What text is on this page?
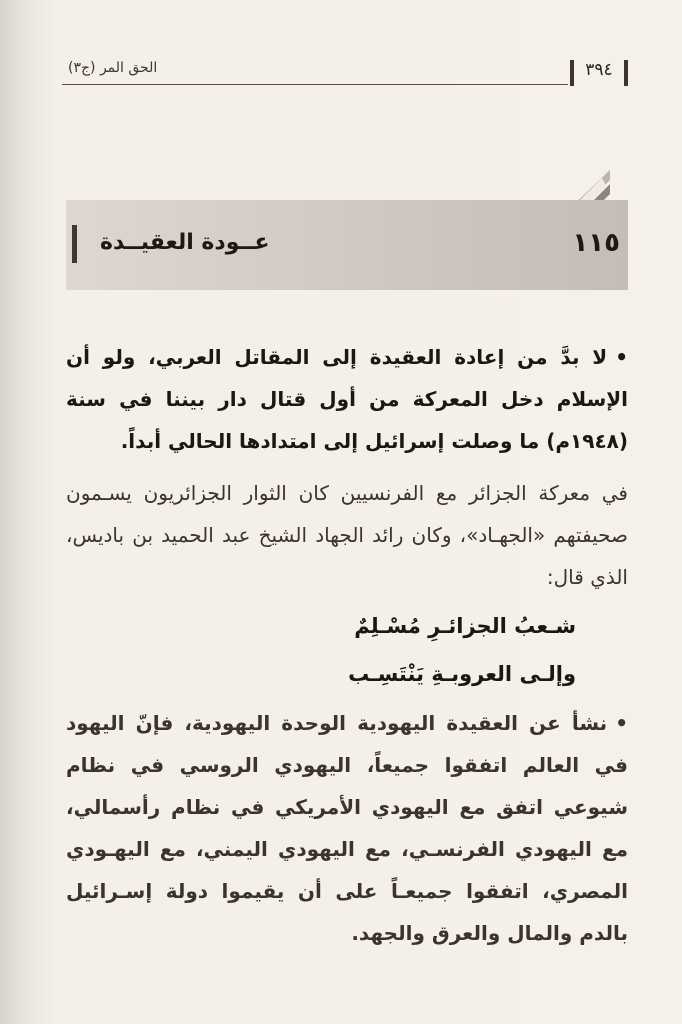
الحق المر (ج٣)	٣٩٤
عــودة العقيــدة	١١٥

• لا بدَّ من إعادة العقيدة إلى المقاتل العربي، ولو أن الإسلام دخل المعركة من أول قتال دار بيننا في سنة (١٩٤٨م) ما وصلت إسرائيل إلى امتدادها الحالي أبداً.

في معركة الجزائر مع الفرنسيين كان الثوار الجزائريون يسـمون صحيفتهم «الجهـاد»، وكان رائد الجهاد الشيخ عبد الحميد بن باديس، الذي قال:

شـعبُ الجزائـرِ مُسْـلِمٌ
وإلـى العروبـةِ يَنْتَسِـب

• نشأ عن العقيدة اليهودية الوحدة اليهودية، فإنّ اليهود في العالم اتفقوا جميعاً، اليهودي الروسي في نظام شيوعي اتفق مع اليهودي الأمريكي في نظام رأسمالي، مع اليهودي الفرنسـي، مع اليهودي اليمني، مع اليهـودي المصري، اتفقوا جميعـاً على أن يقيموا دولة إسـرائيل بالدم والمال والعرق والجهد.
